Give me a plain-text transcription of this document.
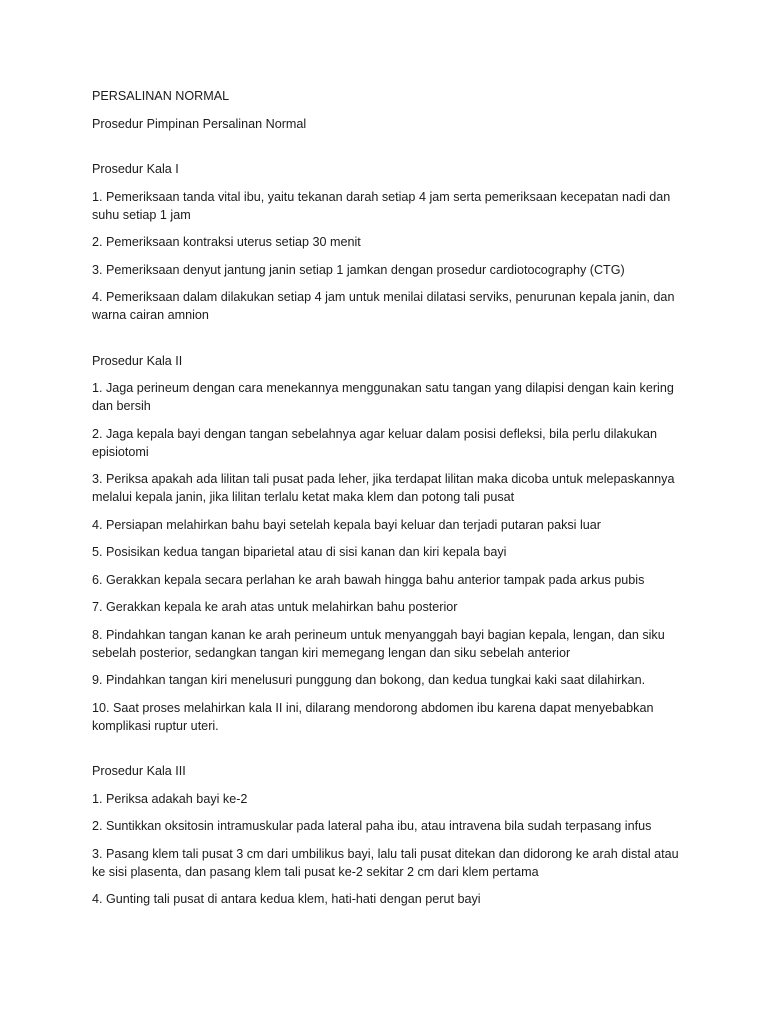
PERSALINAN NORMAL

Prosedur Pimpinan Persalinan Normal

Prosedur Kala I

1. Pemeriksaan tanda vital ibu, yaitu tekanan darah setiap 4 jam serta pemeriksaan kecepatan nadi dan suhu setiap 1 jam

2. Pemeriksaan kontraksi uterus setiap 30 menit

3. Pemeriksaan denyut jantung janin setiap 1 jamkan dengan prosedur cardiotocography (CTG)

4. Pemeriksaan dalam dilakukan setiap 4 jam untuk menilai dilatasi serviks, penurunan kepala janin, dan warna cairan amnion

Prosedur Kala II

1. Jaga perineum dengan cara menekannya menggunakan satu tangan yang dilapisi dengan kain kering dan bersih

2. Jaga kepala bayi dengan tangan sebelahnya agar keluar dalam posisi defleksi, bila perlu dilakukan episiotomi

3. Periksa apakah ada lilitan tali pusat pada leher, jika terdapat lilitan maka dicoba untuk melepaskannya melalui kepala janin, jika lilitan terlalu ketat maka klem dan potong tali pusat

4. Persiapan melahirkan bahu bayi setelah kepala bayi keluar dan terjadi putaran paksi luar

5. Posisikan kedua tangan biparietal atau di sisi kanan dan kiri kepala bayi

6. Gerakkan kepala secara perlahan ke arah bawah hingga bahu anterior tampak pada arkus pubis

7. Gerakkan kepala ke arah atas untuk melahirkan bahu posterior

8. Pindahkan tangan kanan ke arah perineum untuk menyanggah bayi bagian kepala, lengan, dan siku sebelah posterior, sedangkan tangan kiri memegang lengan dan siku sebelah anterior

9. Pindahkan tangan kiri menelusuri punggung dan bokong, dan kedua tungkai kaki saat dilahirkan.

10. Saat proses melahirkan kala II ini, dilarang mendorong abdomen ibu karena dapat menyebabkan komplikasi ruptur uteri.

Prosedur Kala III

1. Periksa adakah bayi ke-2

2. Suntikkan oksitosin intramuskular pada lateral paha ibu, atau intravena bila sudah terpasang infus

3. Pasang klem tali pusat 3 cm dari umbilikus bayi, lalu tali pusat ditekan dan didorong ke arah distal atau ke sisi plasenta, dan pasang klem tali pusat ke-2 sekitar 2 cm dari klem pertama

4. Gunting tali pusat di antara kedua klem, hati-hati dengan perut bayi
